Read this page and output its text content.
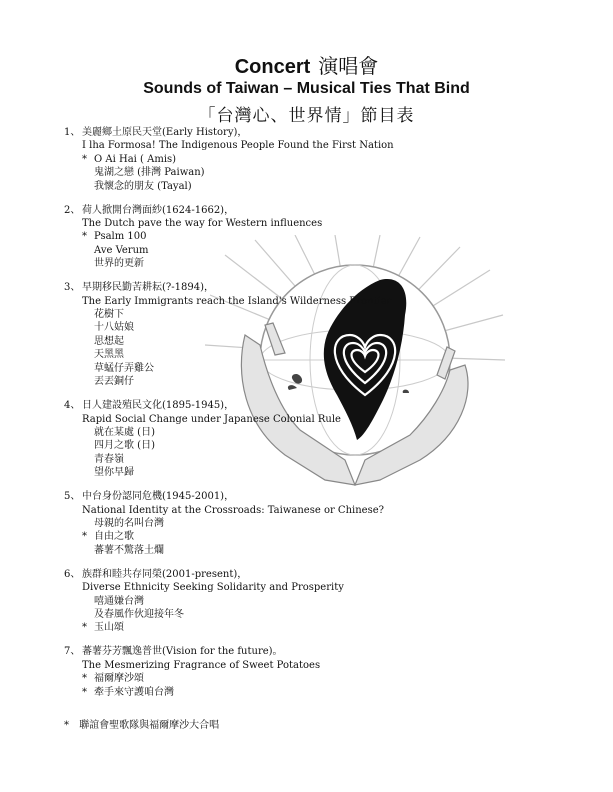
Concert 演唱會
Sounds of Taiwan – Musical Ties That Bind
「台灣心、世界情」節目表
1、 美麗鄉土原民天堂(Early History)，
I lha Formosa! The Indigenous People Found the First Nation
* O Ai Hai ( Amis)
鬼湖之戀 (排灣 Paiwan)
我懷念的朋友 (Tayal)
2、 荷人掀開台灣面紗(1624-1662)，
The Dutch pave the way for Western influences
* Psalm 100
Ave Verum
世界的更新
3、 早期移民勤苦耕耘(?-1894)，
The Early Immigrants reach the Island's Wilderness Frontier
花樹下
十八姑娘
思想起
天黑黑
草蜢仔弄雞公
丟丟銅仔
4、 日人建設殖民文化(1895-1945)，
Rapid Social Change under Japanese Colonial Rule
就在某處 (日)
四月之歌 (日)
青春嶺
望你早歸
5、 中台身份認同危機(1945-2001)，
National Identity at the Crossroads: Taiwanese or Chinese?
母親的名叫台灣
* 自由之歌
蕃薯不驚落土爛
6、 族群和睦共存同榮(2001-present)，
Diverse Ethnicity Seeking Solidarity and Prosperity
嘻通嫌台灣
及春風作伙迎接年冬
* 玉山頌
7、 蕃薯芬芳飄逸普世(Vision for the future)。
The Mesmerizing Fragrance of Sweet Potatoes
* 福爾摩沙頌
* 牽手來守護咱台灣
* 聯誼會聖歌隊與福爾摩沙大合唱
